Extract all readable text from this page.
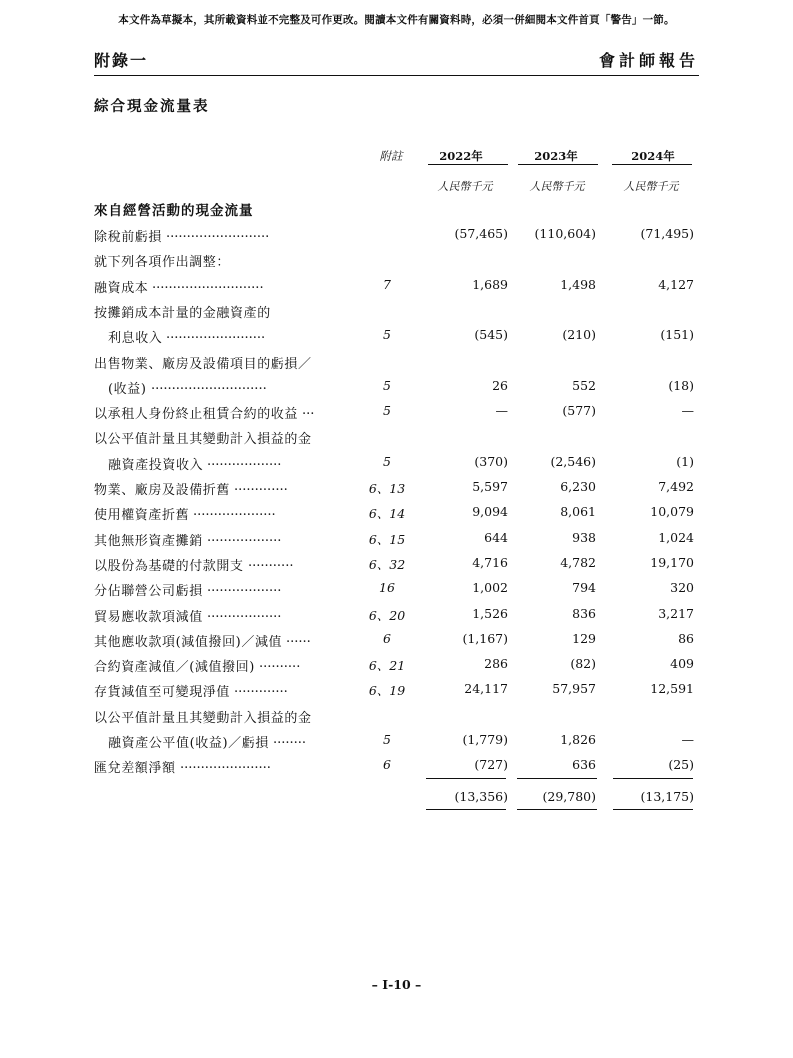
本文件為草擬本，其所載資料並不完整及可作更改。閱讀本文件有關資料時，必須一併細閱本文件首頁「警告」一節。
附錄一	會計師報告
綜合現金流量表
附註	2022年	2023年	2024年
人民幣千元	人民幣千元	人民幣千元
來自經營活動的現金流量
除稅前虧損 .........................	(57,465)	(110,604)	(71,495)
就下列各項作出調整：
融資成本 ...........................	7	1,689	1,498	4,127
按攤銷成本計量的金融資產的
利息收入 ........................	5	(545)	(210)	(151)
出售物業、廠房及設備項目的虧損／
(收益) ............................	5	26	552	(18)
以承租人身份終止租賃合約的收益 ...	5	—	(577)	—
以公平值計量且其變動計入損益的金
融資產投資收入 ..................	5	(370)	(2,546)	(1)
物業、廠房及設備折舊 .............	6、13	5,597	6,230	7,492
使用權資產折舊 ....................	6、14	9,094	8,061	10,079
其他無形資產攤銷 ..................	6、15	644	938	1,024
以股份為基礎的付款開支 ...........	6、32	4,716	4,782	19,170
分佔聯營公司虧損 ..................	16	1,002	794	320
貿易應收款項減值 ..................	6、20	1,526	836	3,217
其他應收款項(減值撥回)／減值 ......	6	(1,167)	129	86
合約資產減值／(減值撥回) ..........	6、21	286	(82)	409
存貨減值至可變現淨值 .............	6、19	24,117	57,957	12,591
以公平值計量且其變動計入損益的金
融資產公平值(收益)／虧損 ........	5	(1,779)	1,826	—
匯兌差額淨額 ......................	6	(727)	636	(25)
(13,356)	(29,780)	(13,175)
– I-10 –
